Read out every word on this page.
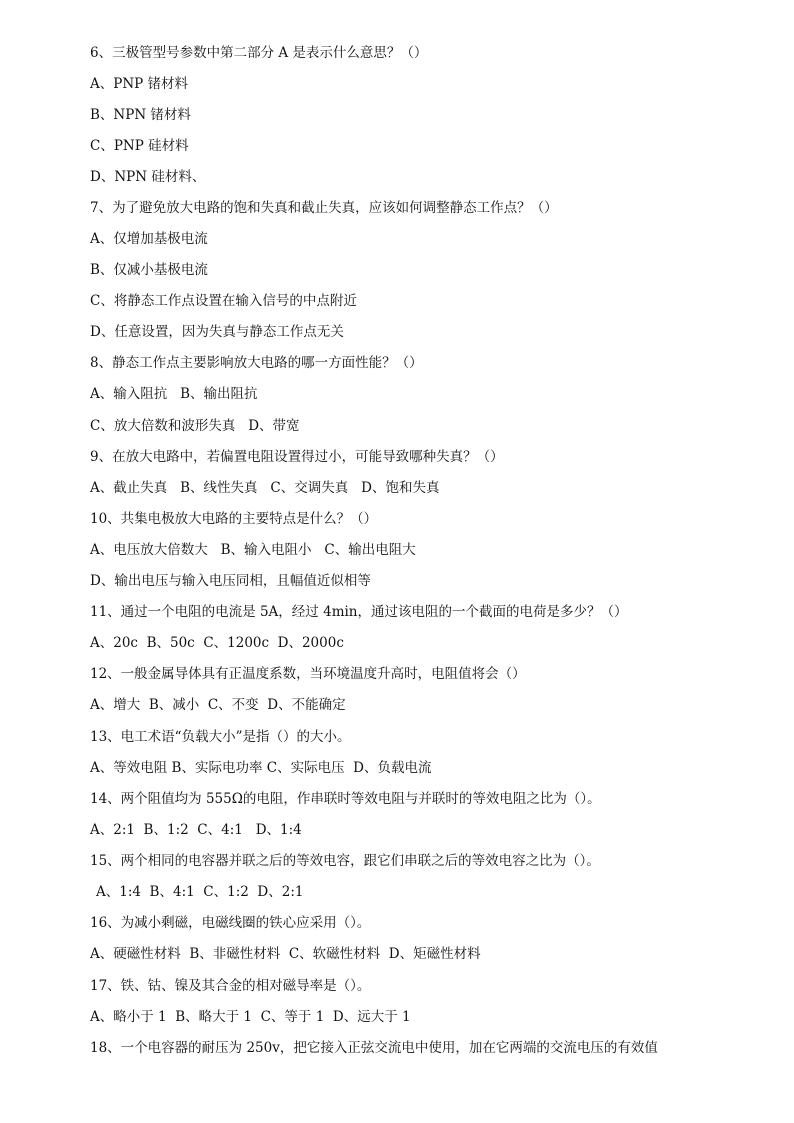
6、三极管型号参数中第二部分 A 是表示什么意思？（）
A、PNP 锗材料
B、NPN 锗材料
C、PNP 硅材料
D、NPN 硅材料、
7、为了避免放大电路的饱和失真和截止失真，应该如何调整静态工作点？（）
A、仅增加基极电流
B、仅减小基极电流
C、将静态工作点设置在输入信号的中点附近
D、任意设置，因为失真与静态工作点无关
8、静态工作点主要影响放大电路的哪一方面性能？（）
A、输入阻抗   B、输出阻抗
C、放大倍数和波形失真   D、带宽
9、在放大电路中，若偏置电阻设置得过小，可能导致哪种失真？（）
A、截止失真   B、线性失真   C、交调失真   D、饱和失真
10、共集电极放大电路的主要特点是什么？（）
A、电压放大倍数大   B、输入电阻小   C、输出电阻大
D、输出电压与输入电压同相，且幅值近似相等
11、通过一个电阻的电流是 5A，经过 4min，通过该电阻的一个截面的电荷是多少？（）
A、20c  B、50c  C、1200c  D、2000c
12、一般金属导体具有正温度系数，当环境温度升高时，电阻值将会（）
A、增大  B、减小  C、不变  D、不能确定
13、电工术语“负载大小”是指（）的大小。
A、等效电阻 B、实际电功率 C、实际电压  D、负载电流
14、两个阻值均为 555Ω的电阻，作串联时等效电阻与并联时的等效电阻之比为（）。
A、2:1  B、1:2  C、4:1   D、1:4
15、两个相同的电容器并联之后的等效电容，跟它们串联之后的等效电容之比为（）。
A、1:4  B、4:1  C、1:2  D、2:1
16、为减小剩磁，电磁线圈的铁心应采用（）。
A、硬磁性材料  B、非磁性材料  C、软磁性材料  D、矩磁性材料
17、铁、钴、镍及其合金的相对磁导率是（）。
A、略小于 1  B、略大于 1  C、等于 1  D、远大于 1
18、一个电容器的耐压为 250v，把它接入正弦交流电中使用，加在它两端的交流电压的有效值
